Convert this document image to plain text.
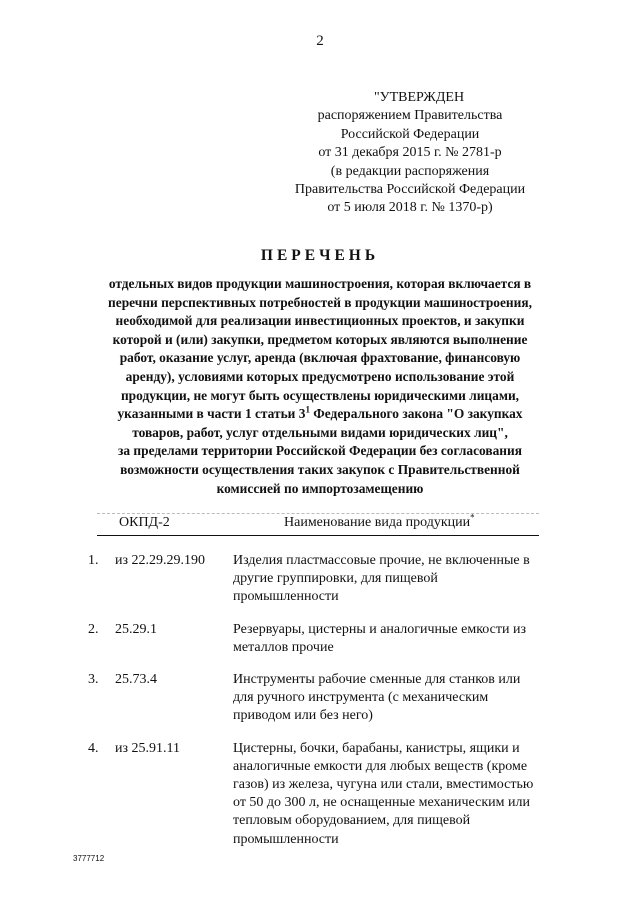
2
"УТВЕРЖДЕН
распоряжением Правительства
Российской Федерации
от 31 декабря 2015 г. № 2781-р
(в редакции распоряжения
Правительства Российской Федерации
от 5 июля 2018 г. № 1370-р)
ПЕРЕЧЕНЬ
отдельных видов продукции машиностроения, которая включается в
перечни перспективных потребностей в продукции машиностроения,
необходимой для реализации инвестиционных проектов, и закупки
которой и (или) закупки, предметом которых являются выполнение
работ, оказание услуг, аренда (включая фрахтование, финансовую
аренду), условиями которых предусмотрено использование этой
продукции, не могут быть осуществлены юридическими лицами,
указанными в части 1 статьи $3^1$ Федерального закона "О закупках
товаров, работ, услуг отдельными видами юридических лиц",
за пределами территории Российской Федерации без согласования
возможности осуществления таких закупок с Правительственной
комиссией по импортозамещению
ОКПД-2	Наименование вида продукции*
1. из 22.29.29.190 Изделия пластмассовые прочие, не включенные в
другие группировки, для пищевой
промышленности
2. 25.29.1	Резервуары, цистерны и аналогичные емкости из
металлов прочие
3. 25.73.4	Инструменты рабочие сменные для станков или
для ручного инструмента (с механическим
приводом или без него)
4. из 25.91.11	Цистерны, бочки, барабаны, канистры, ящики и
аналогичные емкости для любых веществ (кроме
газов) из железа, чугуна или стали, вместимостью
от 50 до 300 л, не оснащенные механическим или
тепловым оборудованием, для пищевой
промышленности
3777712
